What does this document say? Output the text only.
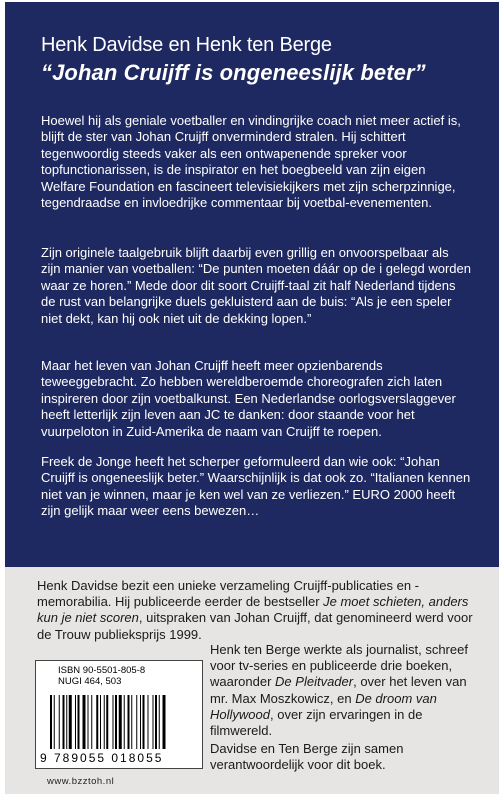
Henk Davidse en Henk ten Berge
“Johan Cruijff is ongeneeslijk beter”

Hoewel hij als geniale voetballer en vindingrijke coach niet meer actief is, blijft de ster van Johan Cruijff onverminderd stralen. Hij schittert tegenwoordig steeds vaker als een ontwapenende spreker voor topfunctionarissen, is de inspirator en het boegbeeld van zijn eigen Welfare Foundation en fascineert televisiekijkers met zijn scherpzinnige, tegendraadse en invloedrijke commentaar bij voetbal-evenementen.

Zijn originele taalgebruik blijft daarbij even grillig en onvoorspelbaar als zijn manier van voetballen: “De punten moeten dáár op de i gelegd worden waar ze horen.” Mede door dit soort Cruijff-taal zit half Nederland tijdens de rust van belangrijke duels gekluisterd aan de buis: “Als je een speler niet dekt, kan hij ook niet uit de dekking lopen.”

Maar het leven van Johan Cruijff heeft meer opzienbarends teweeggebracht. Zo hebben wereldberoemde choreografen zich laten inspireren door zijn voetbalkunst. Een Nederlandse oorlogsverslaggever heeft letterlijk zijn leven aan JC te danken: door staande voor het vuurpeloton in Zuid-Amerika de naam van Cruijff te roepen.

Freek de Jonge heeft het scherper geformuleerd dan wie ook: “Johan Cruijff is ongeneeslijk beter.” Waarschijnlijk is dat ook zo. “Italianen kennen niet van je winnen, maar je ken wel van ze verliezen.” EURO 2000 heeft zijn gelijk maar weer eens bewezen…

Henk Davidse bezit een unieke verzameling Cruijff-publicaties en -memorabilia. Hij publiceerde eerder de bestseller Je moet schieten, anders kun je niet scoren, uitspraken van Johan Cruijff, dat genomineerd werd voor de Trouw publieksprijs 1999.

Henk ten Berge werkte als journalist, schreef voor tv-series en publiceerde drie boeken, waaronder De Pleitvader, over het leven van mr. Max Moszkowicz, en De droom van Hollywood, over zijn ervaringen in de filmwereld.

Davidse en Ten Berge zijn samen verantwoordelijk voor dit boek.

ISBN 90-5501-805-8
NUGI 464, 503
9 789055 018055
www.bzztoh.nl
